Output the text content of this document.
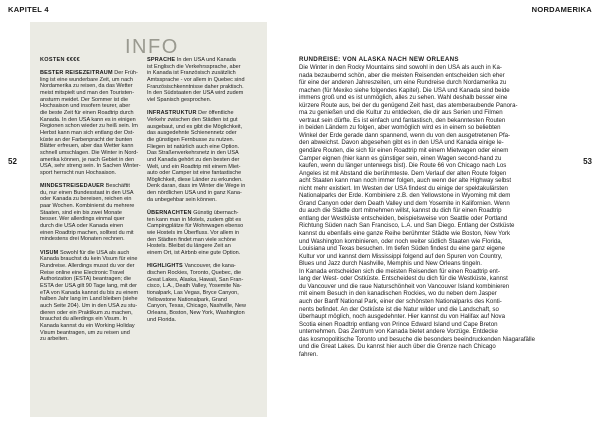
KAPITEL 4	NORDAMERIKA
52	53
INFO
KOSTEN €€€€
BESTER REISEZEITRAUM Der Früh-
ling ist eine wunderbare Zeit, um nach
Nordamerika zu reisen, da das Wetter
meist mitspielt und man den Touristen-
ansturm meidet. Der Sommer ist die
Hochsaison und insofern teurer, aber
die beste Zeit für einen Roadtrip durch
Kanada. In den USA kann es in einigen
Regionen schon wieder zu heiß sein. Im
Herbst kann man sich entlang der Ost-
küste an der Farbenpracht der bunten
Blätter erfreuen, aber das Wetter kann
schnell umschlagen. Die Winter in Nord-
amerika können, je nach Gebiet in den
USA, sehr streng sein. In Sachen Winter-
sport herrscht nun Hochsaison.

MINDESTREISEDAUER Beschäftit
du, nur einen Bundesstaat in den USA
oder Kanada zu bereisen, reichen ein
paar Wochen. Kombinierst du mehrere
Staaten, sind ein bis zwei Monate
besser. Wer allerdings einmal quer
durch die USA oder Kanada einen
einen Roadtrip machen, solltest du mit
mindestens drei Monaten rechnen.

VISUM Sowohl für die USA als auch
Kanada brauchst du kein Visum für eine
Rundreise. Allerdings musst du vor der
Reise online eine Electronic Travel
Authorization (ESTA) beantragen; die
ESTA der USA gilt 90 Tage lang, mit der
eTA von Kanada kannst du bis zu einem
halben Jahr lang im Land bleiben (siehe
auch Seite 204). Um in den USA zu stu-
dieren oder ein Praktikum zu machen,
brauchst du allerdings ein Visum. In
Kanada kannst du ein Working Holiday
Visum beantragen, um zu reisen und
zu arbeiten.
SPRACHE In den USA und Kanada
ist Englisch die Verkehrssprache, aber
in Kanada ist Französisch zusätzlich
Amtssprache - vor allem in Quebec sind
Französischkenntnisse daher praktisch.
In den Südstaaten der USA wird zudem
viel Spanisch gesprochen.

INFRASTRUKTUR Der öffentliche
Verkehr zwischen den Städten ist gut
ausgebaut, und es gibt die Möglichkeit,
das ausgedehnte Schienennetz oder
die günstigen Fernbusse zu nutzen.
Fliegen ist natürlich auch eine Option.
Das Straßenverkehrsnetz in den USA
und Kanada gehört zu den besten der
Welt, und ein Roadtrip mit einem Miet-
auto oder Camper ist eine fantastische
Möglichkeit, diese Länder zu erkunden.
Denk daran, dass im Winter die Wege in
den nördlichen USA und in ganz Kana-
da unbegehbar sein können.

ÜBERNACHTEN Günstig übernach-
ten kann man in Motels, zudem gibt es
Campingplätze für Wohnwagen ebenso
wie Hostels im Überfluss. Vor allem in
den Städten findet man viele schöne
Hostels. Bleibst du längere Zeit an
einem Ort, ist Airbnb eine gute Option.

HIGHLIGHTS Vancouver, die kana-
dischen Rockies, Toronto, Quebec, die
Great Lakes, Alaska, Hawaii, San Fran-
cisco, L.A., Death Valley, Yosemite Na-
tionalpark, Las Vegas, Bryce Canyon,
Yellowstone Nationalpark, Grand
Canyon, Texas, Chicago, Nashville, New
Orleans, Boston, New York, Washington
und Florida.
RUNDREISE: VON ALASKA NACH NEW ORLEANS
Die Winter in den Rocky Mountains sind sowohl in den USA als auch in Ka-
nada bezaubernd schön, aber die meisten Reisenden entscheiden sich eher
für eine der anderen Jahreszeiten, um eine Rundreise durch Nordamerika zu
machen (für Mexiko siehe folgendes Kapitel). Die USA und Kanada sind beide
immens groß und es ist unmöglich, alles zu sehen. Wahl deshalb besser eine
kürzere Route aus, bei der du genügend Zeit hast, das atemberaubende Panora-
ma zu genießen und die Kultur zu entdecken, die dir aus Serien und Filmen
vertraut sein dürfte. Es ist einfach und fantastisch, den bekanntesten Routen
in beiden Ländern zu folgen, aber womöglich wird es in einem so beliebten
Winkel der Erde gerade dann spannend, wenn du von den ausgetretenen Pfa-
den abweichst. Davon abgesehen gibt es in den USA und Kanada einige le-
gendäre Routen, die sich für einen Roadtrip mit einem Mietwagen oder einem
Camper eignen (hier kann es günstiger sein, einen Wagen second-hand zu
kaufen, wenn du länger unterwegs bist). Die Route 66 von Chicago nach Los
Angeles ist mit Abstand die berühmteste. Dem Verlauf der alten Route folgen
acht Staaten kann man noch immer folgen, auch wenn der alte Highway selbst
nicht mehr existiert. Im Westen der USA findest du einige der spektakulärsten
Nationalparks der Erde. Kombiniere z.B. den Yellowstone in Wyoming mit dem
Grand Canyon oder dem Death Valley und dem Yosemite in Kalifornien. Wenn
du auch die Städte dort mitnehmen willst, kannst du dich für einen Roadtrip
entlang der Westküste entscheiden, beispielsweise von Seattle oder Portland
Richtung Süden nach San Francisco, L.A. und San Diego. Entlang der Ostküste
kannst du ebenfalls eine ganze Reihe berühmter Städte wie Boston, New York
und Washington kombinieren, oder noch weiter südlich Staaten wie Florida,
Louisiana und Texas besuchen. Im tiefen Süden findest du eine ganz eigene
Kultur vor und kannst dem Mississippi folgend auf den Spuren von Country,
Blues und Jazz durch Nashville, Memphis und New Orleans tingeln.
In Kanada entscheiden sich die meisten Reisenden für einen Roadtrip ent-
lang der West- oder Ostküste. Entscheidest du dich für die Westküste, kannst
du Vancouver und die raue Naturschönheit von Vancouver Island kombinieren
mit einem Besuch in den kanadischen Rockies, wo du neben dem Jasper
auch der Banff National Park, einer der schönsten Nationalparks des Konti-
nents befindet. An der Ostküste ist die Natur wilder und die Landschaft, so
überhaupt möglich, noch ausgedehnter. Hier kannst du von Halifax auf Nova
Scotia einen Roadtrip entlang von Prince Edward Island und Cape Breton
unternehmen. Das Zentrum von Kanada bietet andere Vorzüge. Entdecke
das kosmopolitische Toronto und besuche die besonders beeindruckenden Niagarafälle
und die Great Lakes. Du kannst hier auch über die Grenze nach Chicago
fahren.
